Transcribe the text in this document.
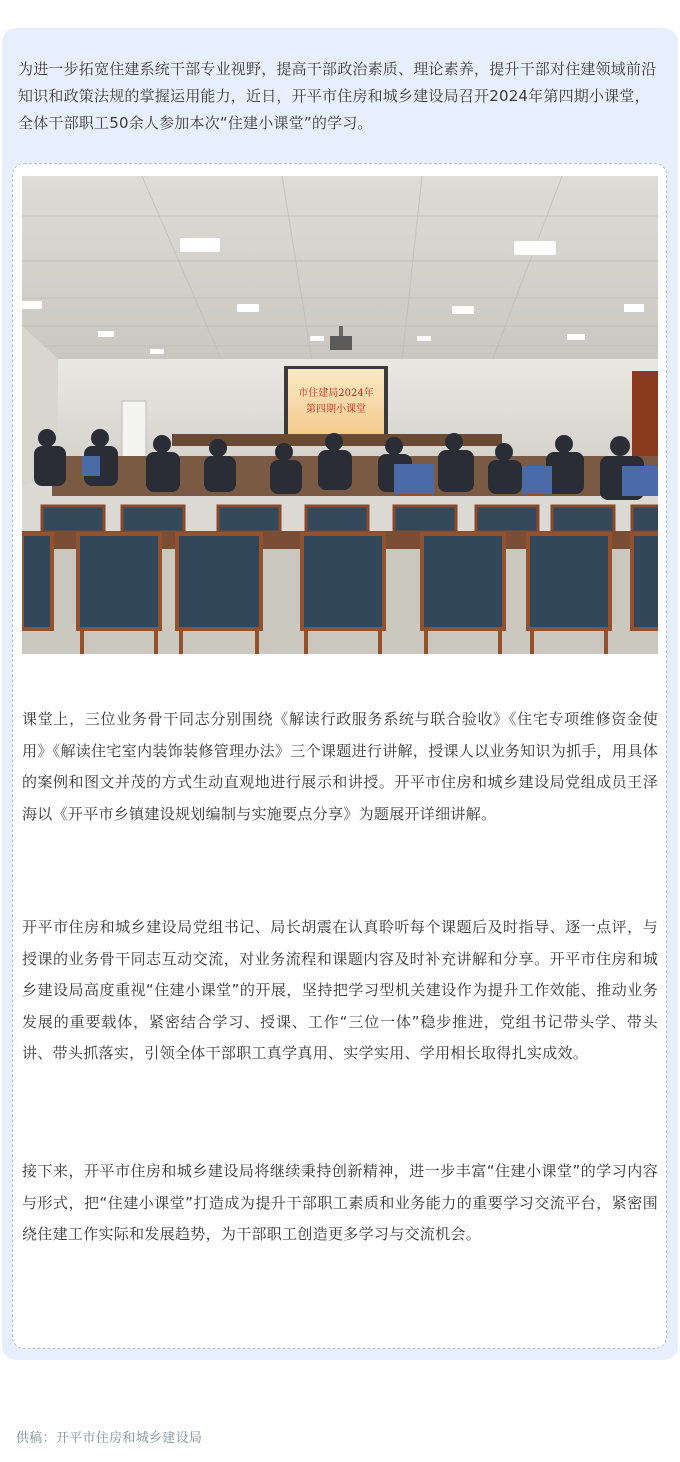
为进一步拓宽住建系统干部专业视野，提高干部政治素质、理论素养，提升干部对住建领域前沿知识和政策法规的掌握运用能力，近日，开平市住房和城乡建设局召开2024年第四期小课堂，全体干部职工50余人参加本次“住建小课堂”的学习。
市住建局2024年
第四期小课堂
课堂上，三位业务骨干同志分别围绕《解读行政服务系统与联合验收》《住宅专项维修资金使用》《解读住宅室内装饰装修管理办法》三个课题进行讲解，授课人以业务知识为抓手，用具体的案例和图文并茂的方式生动直观地进行展示和讲授。开平市住房和城乡建设局党组成员王泽海以《开平市乡镇建设规划编制与实施要点分享》为题展开详细讲解。
开平市住房和城乡建设局党组书记、局长胡震在认真聆听每个课题后及时指导、逐一点评，与授课的业务骨干同志互动交流，对业务流程和课题内容及时补充讲解和分享。开平市住房和城乡建设局高度重视“住建小课堂”的开展，坚持把学习型机关建设作为提升工作效能、推动业务发展的重要载体，紧密结合学习、授课、工作“三位一体”稳步推进，党组书记带头学、带头讲、带头抓落实，引领全体干部职工真学真用、实学实用、学用相长取得扎实成效。
接下来，开平市住房和城乡建设局将继续秉持创新精神，进一步丰富“住建小课堂”的学习内容与形式，把“住建小课堂”打造成为提升干部职工素质和业务能力的重要学习交流平台，紧密围绕住建工作实际和发展趋势，为干部职工创造更多学习与交流机会。
供稿：开平市住房和城乡建设局
